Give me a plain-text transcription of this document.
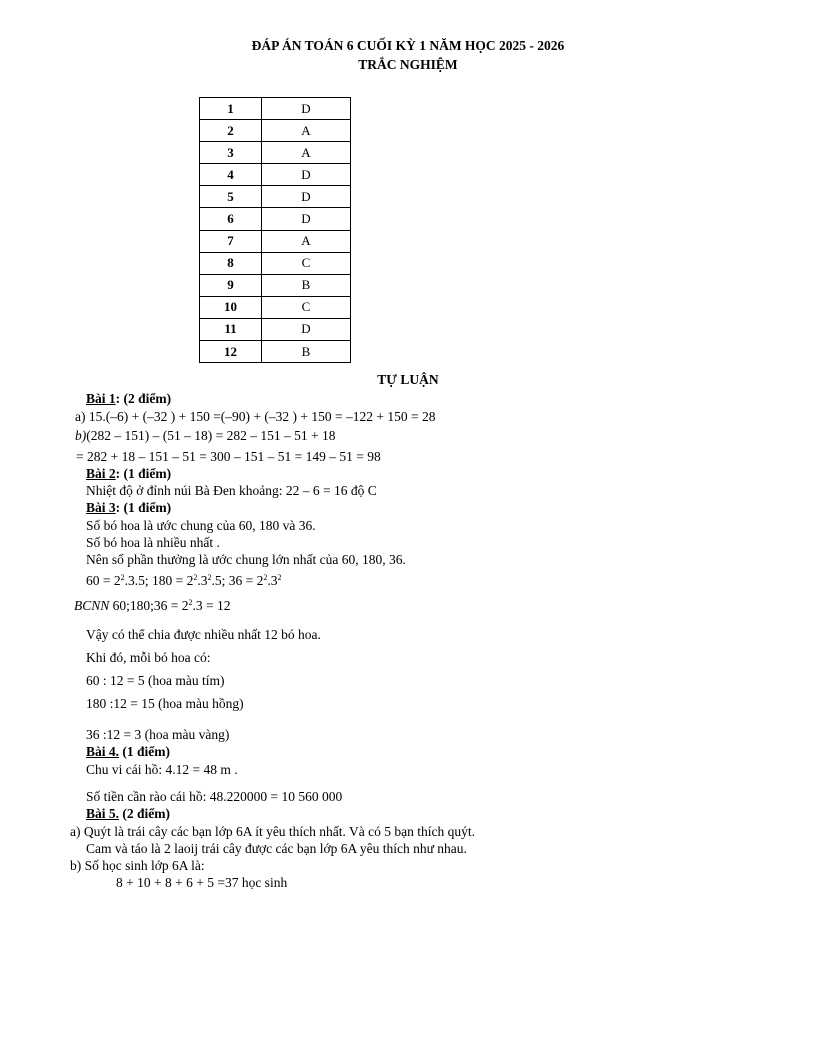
ĐÁP ÁN TOÁN 6 CUỐI KỲ 1 NĂM HỌC 2025 - 2026
TRẮC NGHIỆM
1	D
2	A
3	A
4	D
5	D
6	D
7	A
8	C
9	B
10	C
11	D
12	B
TỰ LUẬN
Bài 1: (2 điểm)
a) 15.(–6) + (–32 ) + 150 =(–90) + (–32 ) + 150 = –122 + 150 = 28
b)(282 – 151) – (51 – 18) = 282 – 151 – 51 + 18
= 282 + 18 – 151 – 51 = 300 – 151 – 51 = 149 – 51 = 98
Bài 2: (1 điểm)
Nhiệt độ ở đỉnh núi Bà Đen khoảng: 22 – 6 = 16 độ C
Bài 3: (1 điểm)
Số bó hoa là ước chung của 60, 180 và 36.
Số bó hoa là nhiều nhất .
Nên số phần thưởng là ước chung lớn nhất của 60, 180, 36.
$60 = 2^2.3.5$; $180 = 2^2.3^2.5$; $36 = 2^2.3^2$
BCNN 60;180;36 = $2^2.3 = 12$
Vậy có thể chia được nhiều nhất 12 bó hoa.
Khi đó, mỗi bó hoa có:
60 : 12 = 5 (hoa màu tím)
180 :12 = 15 (hoa màu hồng)
36 :12 = 3 (hoa màu vàng)
Bài 4. (1 điểm)
Chu vi cái hồ: 4.12 = 48 m .
Số tiền cần rào cái hồ: 48.220000 = 10 560 000
Bài 5. (2 điểm)
a) Quýt là trái cây các bạn lớp 6A ít yêu thích nhất. Và có 5 bạn thích quýt.
Cam và táo là 2 laoij trái cây được các bạn lớp 6A yêu thích như nhau.
b) Số học sinh lớp 6A là:
8 + 10 + 8 + 6 + 5 =37 học sinh
